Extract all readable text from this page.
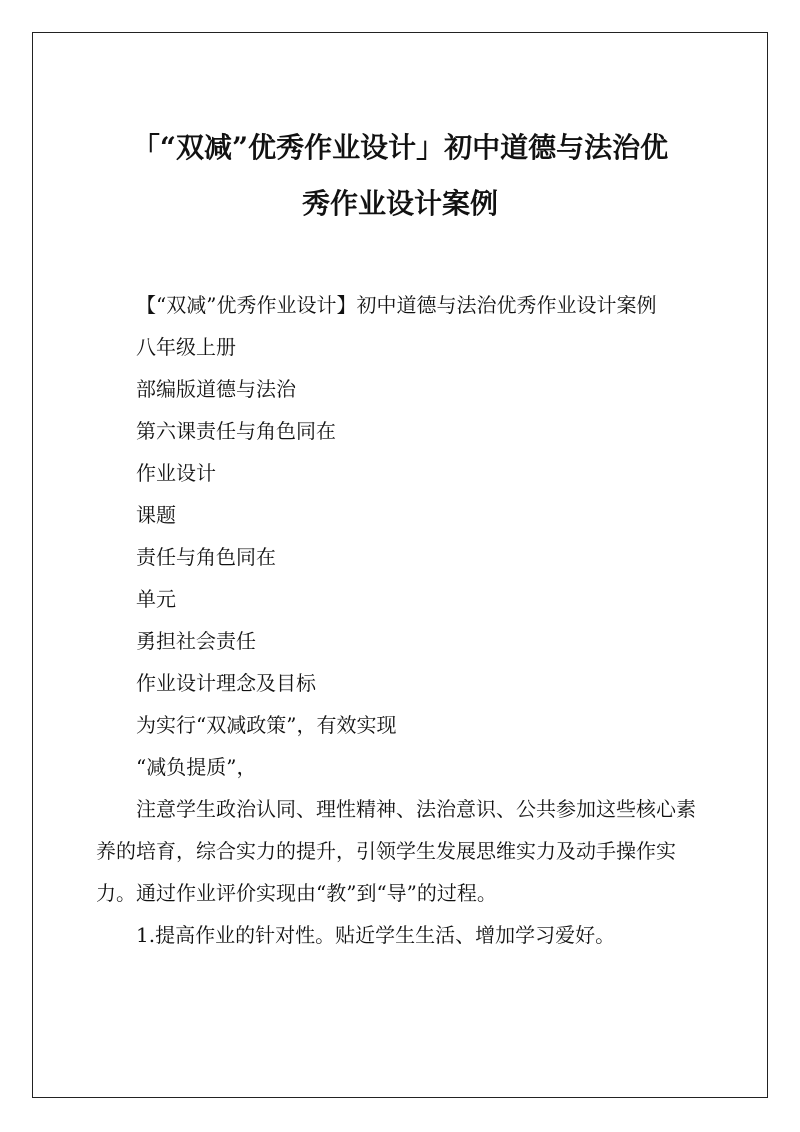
「“双减”优秀作业设计」初中道德与法治优
秀作业设计案例

【“双减”优秀作业设计】初中道德与法治优秀作业设计案例

八年级上册

部编版道德与法治

第六课责任与角色同在

作业设计

课题

责任与角色同在

单元

勇担社会责任

作业设计理念及目标

为实行“双减政策”，有效实现

“减负提质”，

注意学生政治认同、理性精神、法治意识、公共参加这些核心素养的培育，综合实力的提升，引领学生发展思维实力及动手操作实力。通过作业评价实现由“教”到“导”的过程。

1.提高作业的针对性。贴近学生生活、增加学习爱好。
